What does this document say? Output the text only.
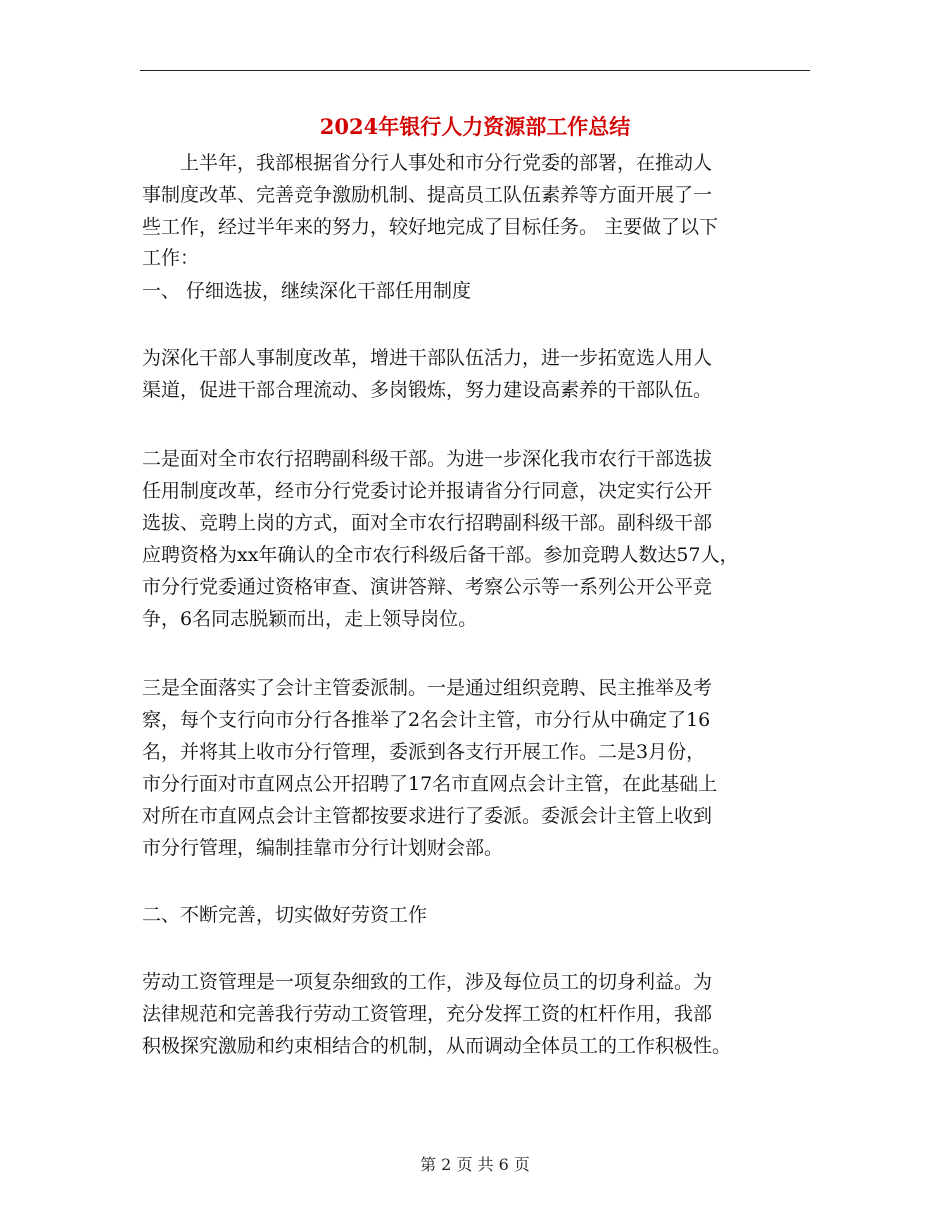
2024年银行人力资源部工作总结
上半年，我部根据省分行人事处和市分行党委的部署，在推动人
事制度改革、完善竞争激励机制、提高员工队伍素养等方面开展了一
些工作，经过半年来的努力，较好地完成了目标任务。 主要做了以下
工作：
一、 仔细选拔，继续深化干部任用制度
为深化干部人事制度改革，增进干部队伍活力，进一步拓宽选人用人
渠道，促进干部合理流动、多岗锻炼，努力建设高素养的干部队伍。
二是面对全市农行招聘副科级干部。为进一步深化我市农行干部选拔
任用制度改革，经市分行党委讨论并报请省分行同意，决定实行公开
选拔、竞聘上岗的方式，面对全市农行招聘副科级干部。副科级干部
应聘资格为xx年确认的全市农行科级后备干部。参加竞聘人数达57人，
市分行党委通过资格审查、演讲答辩、考察公示等一系列公开公平竞
争，6名同志脱颖而出，走上领导岗位。
三是全面落实了会计主管委派制。一是通过组织竞聘、民主推举及考
察，每个支行向市分行各推举了2名会计主管，市分行从中确定了16
名，并将其上收市分行管理，委派到各支行开展工作。二是3月份，
市分行面对市直网点公开招聘了17名市直网点会计主管，在此基础上
对所在市直网点会计主管都按要求进行了委派。委派会计主管上收到
市分行管理，编制挂靠市分行计划财会部。
二、不断完善，切实做好劳资工作
劳动工资管理是一项复杂细致的工作，涉及每位员工的切身利益。为
法律规范和完善我行劳动工资管理，充分发挥工资的杠杆作用，我部
积极探究激励和约束相结合的机制，从而调动全体员工的工作积极性。
第 2 页 共 6 页
